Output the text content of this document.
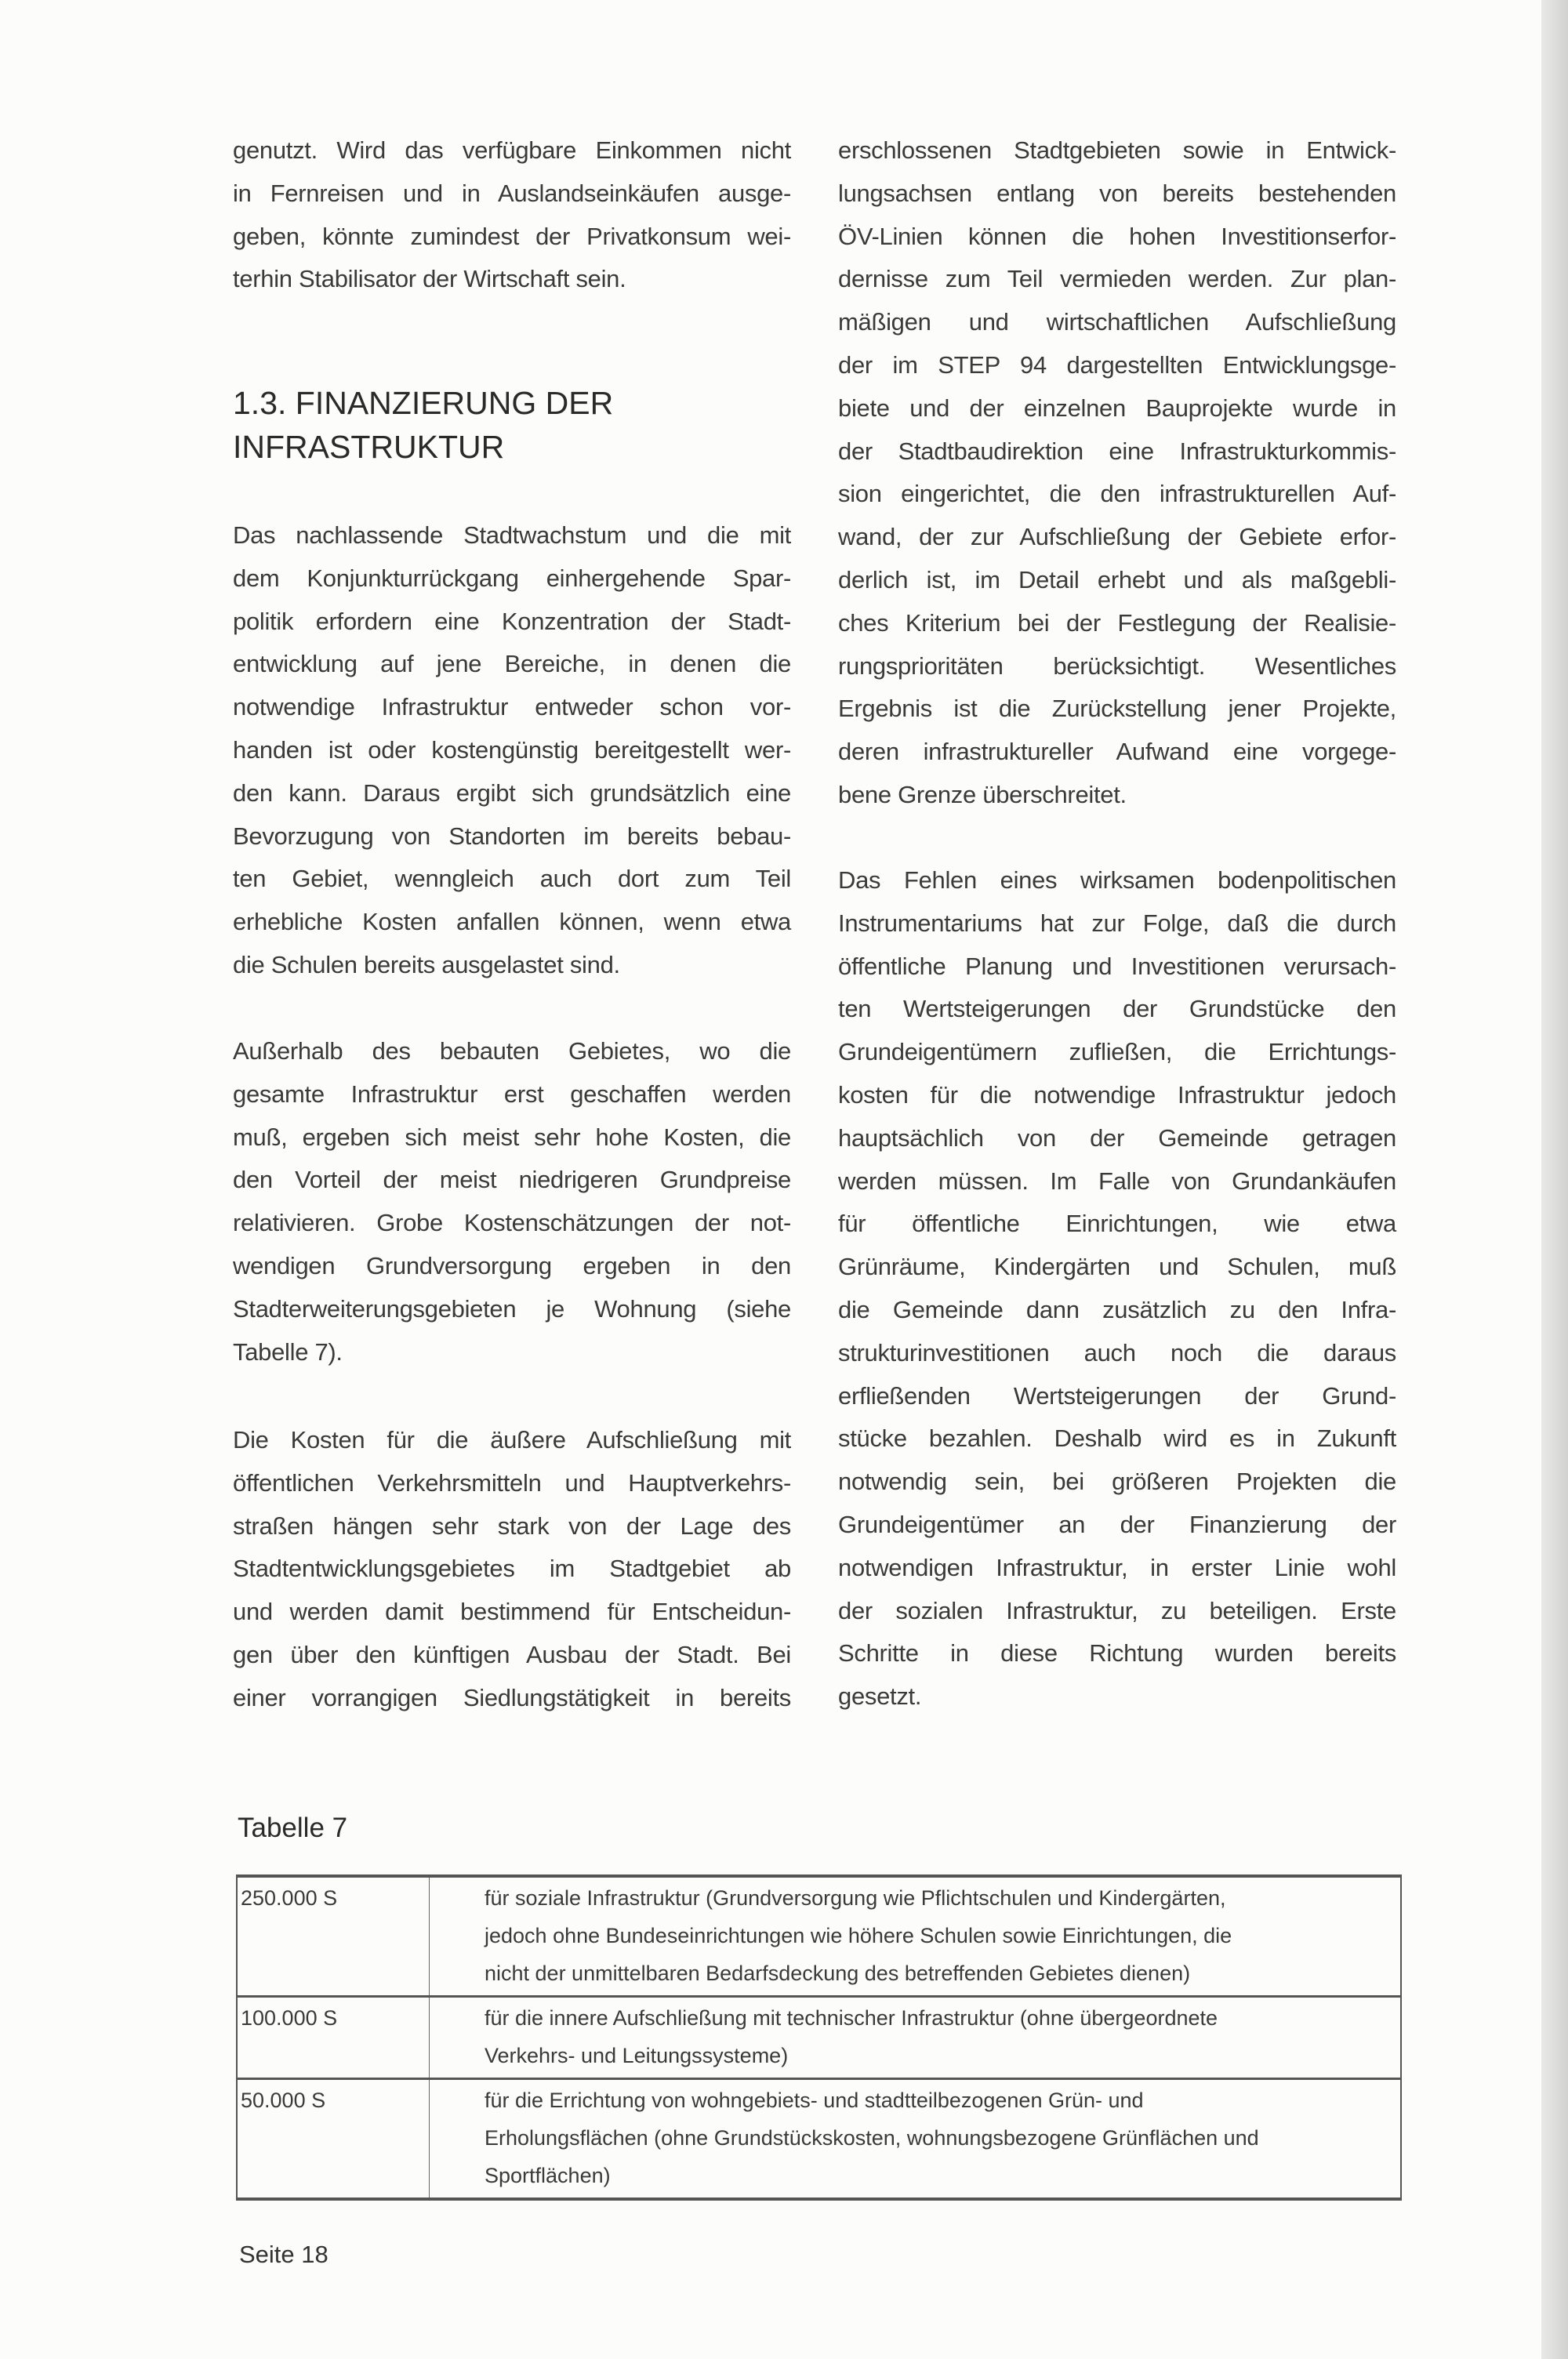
genutzt. Wird das verfügbare Einkommen nicht
in Fernreisen und in Auslandseinkäufen ausge-
geben, könnte zumindest der Privatkonsum wei-
terhin Stabilisator der Wirtschaft sein.
1.3. FINANZIERUNG DER
INFRASTRUKTUR
Das nachlassende Stadtwachstum und die mit
dem Konjunkturrückgang einhergehende Spar-
politik erfordern eine Konzentration der Stadt-
entwicklung auf jene Bereiche, in denen die
notwendige Infrastruktur entweder schon vor-
handen ist oder kostengünstig bereitgestellt wer-
den kann. Daraus ergibt sich grundsätzlich eine
Bevorzugung von Standorten im bereits bebau-
ten Gebiet, wenngleich auch dort zum Teil
erhebliche Kosten anfallen können, wenn etwa
die Schulen bereits ausgelastet sind.
Außerhalb des bebauten Gebietes, wo die
gesamte Infrastruktur erst geschaffen werden
muß, ergeben sich meist sehr hohe Kosten, die
den Vorteil der meist niedrigeren Grundpreise
relativieren. Grobe Kostenschätzungen der not-
wendigen Grundversorgung ergeben in den
Stadterweiterungsgebieten je Wohnung (siehe
Tabelle 7).
Die Kosten für die äußere Aufschließung mit
öffentlichen Verkehrsmitteln und Hauptverkehrs-
straßen hängen sehr stark von der Lage des
Stadtentwicklungsgebietes im Stadtgebiet ab
und werden damit bestimmend für Entscheidun-
gen über den künftigen Ausbau der Stadt. Bei
einer vorrangigen Siedlungstätigkeit in bereits
erschlossenen Stadtgebieten sowie in Entwick-
lungsachsen entlang von bereits bestehenden
ÖV-Linien können die hohen Investitionserfor-
dernisse zum Teil vermieden werden. Zur plan-
mäßigen und wirtschaftlichen Aufschließung
der im STEP 94 dargestellten Entwicklungsge-
biete und der einzelnen Bauprojekte wurde in
der Stadtbaudirektion eine Infrastrukturkommis-
sion eingerichtet, die den infrastrukturellen Auf-
wand, der zur Aufschließung der Gebiete erfor-
derlich ist, im Detail erhebt und als maßgebli-
ches Kriterium bei der Festlegung der Realisie-
rungsprioritäten berücksichtigt. Wesentliches
Ergebnis ist die Zurückstellung jener Projekte,
deren infrastruktureller Aufwand eine vorgege-
bene Grenze überschreitet.
Das Fehlen eines wirksamen bodenpolitischen
Instrumentariums hat zur Folge, daß die durch
öffentliche Planung und Investitionen verursach-
ten Wertsteigerungen der Grundstücke den
Grundeigentümern zufließen, die Errichtungs-
kosten für die notwendige Infrastruktur jedoch
hauptsächlich von der Gemeinde getragen
werden müssen. Im Falle von Grundankäufen
für öffentliche Einrichtungen, wie etwa
Grünräume, Kindergärten und Schulen, muß
die Gemeinde dann zusätzlich zu den Infra-
strukturinvestitionen auch noch die daraus
erfließenden Wertsteigerungen der Grund-
stücke bezahlen. Deshalb wird es in Zukunft
notwendig sein, bei größeren Projekten die
Grundeigentümer an der Finanzierung der
notwendigen Infrastruktur, in erster Linie wohl
der sozialen Infrastruktur, zu beteiligen. Erste
Schritte in diese Richtung wurden bereits
gesetzt.
Tabelle 7
250.000 S	für soziale Infrastruktur (Grundversorgung wie Pflichtschulen und Kindergärten,
jedoch ohne Bundeseinrichtungen wie höhere Schulen sowie Einrichtungen, die
nicht der unmittelbaren Bedarfsdeckung des betreffenden Gebietes dienen)

100.000 S	für die innere Aufschließung mit technischer Infrastruktur (ohne übergeordnete
Verkehrs- und Leitungssysteme)

50.000 S	für die Errichtung von wohngebiets- und stadtteilbezogenen Grün- und
Erholungsflächen (ohne Grundstückskosten, wohnungsbezogene Grünflächen und
Sportflächen)
Seite 18
